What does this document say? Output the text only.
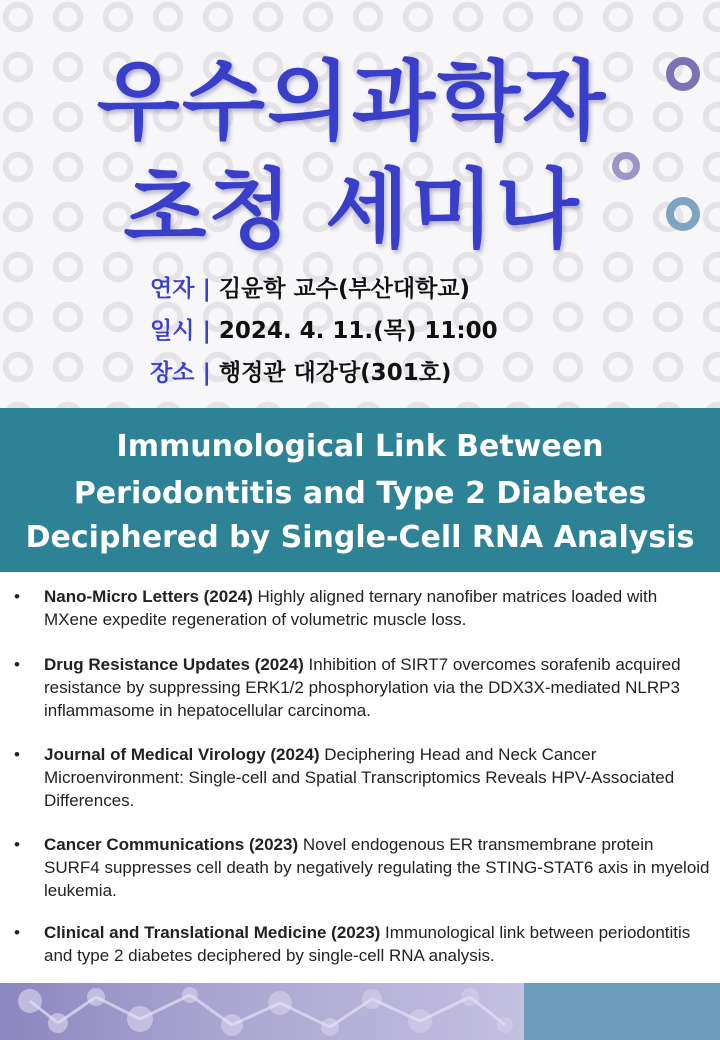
우수의과학자
초청 세미나
연자 | 김윤학 교수(부산대학교)
일시 | 2024. 4. 11.(목) 11:00
장소 | 행정관 대강당(301호)
Immunological Link Between
Periodontitis and Type 2 Diabetes
Deciphered by Single-Cell RNA Analysis
• Nano-Micro Letters (2024) Highly aligned ternary nanofiber matrices loaded with MXene expedite regeneration of volumetric muscle loss.
• Drug Resistance Updates (2024) Inhibition of SIRT7 overcomes sorafenib acquired resistance by suppressing ERK1/2 phosphorylation via the DDX3X-mediated NLRP3 inflammasome in hepatocellular carcinoma.
• Journal of Medical Virology (2024) Deciphering Head and Neck Cancer Microenvironment: Single-cell and Spatial Transcriptomics Reveals HPV-Associated Differences.
• Cancer Communications (2023) Novel endogenous ER transmembrane protein SURF4 suppresses cell death by negatively regulating the STING-STAT6 axis in myeloid leukemia.
• Clinical and Translational Medicine (2023) Immunological link between periodontitis and type 2 diabetes deciphered by single-cell RNA analysis.
